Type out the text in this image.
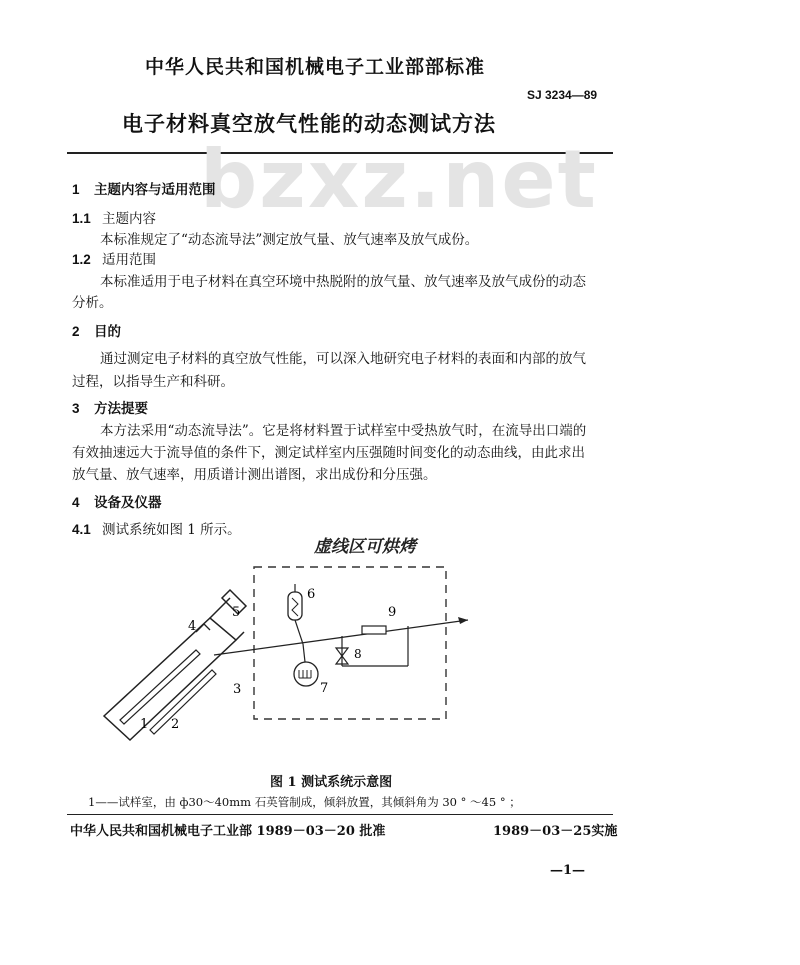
中华人民共和国机械电子工业部部标准
SJ 3234—89
电子材料真空放气性能的动态测试方法
bzxz.net
1 主题内容与适用范围
1.1 主题内容
本标准规定了“动态流导法”测定放气量、放气速率及放气成份。
1.2 适用范围
本标准适用于电子材料在真空环境中热脱附的放气量、放气速率及放气成份的动态
分析。
2 目的
通过测定电子材料的真空放气性能，可以深入地研究电子材料的表面和内部的放气
过程，以指导生产和科研。
3 方法提要
本方法采用“动态流导法”。它是将材料置于试样室中受热放气时，在流导出口端的
有效抽速远大于流导值的条件下，测定试样室内压强随时间变化的动态曲线，由此求出
放气量、放气速率，用质谱计测出谱图，求出成份和分压强。
4 设备及仪器
4.1 测试系统如图 1 所示。
虚线区可烘烤
1 2
3
4
5
6
7
8
9
图 1 测试系统示意图
1——试样室，由 ф30～40mm 石英管制成，倾斜放置，其倾斜角为 30 ° ～45 ° ；
中华人民共和国机械电子工业部 1989－03－20 批准	1989－03－25实施
—1—
